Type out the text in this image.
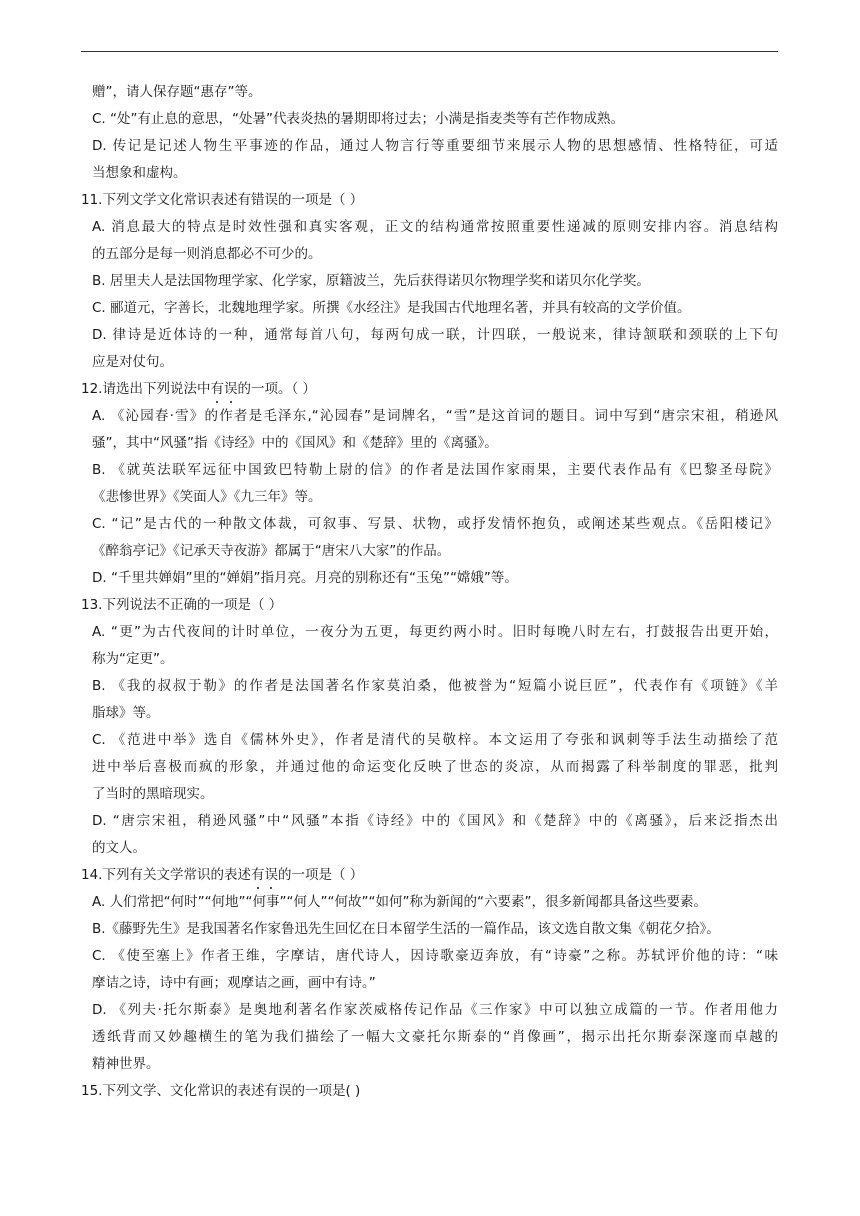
赠”，请人保存题“惠存”等。
C. “处”有止息的意思，“处暑”代表炎热的暑期即将过去；小满是指麦类等有芒作物成熟。
D. 传记是记述人物生平事迹的作品，通过人物言行等重要细节来展示人物的思想感情、性格特征，可适
当想象和虚构。
11.下列文学文化常识表述有错误的一项是（ ）
A. 消息最大的特点是时效性强和真实客观，正文的结构通常按照重要性递减的原则安排内容。消息结构
的五部分是每一则消息都必不可少的。
B. 居里夫人是法国物理学家、化学家，原籍波兰，先后获得诺贝尔物理学奖和诺贝尔化学奖。
C. 郦道元，字善长，北魏地理学家。所撰《水经注》是我国古代地理名著，并具有较高的文学价值。
D. 律诗是近体诗的一种，通常每首八句，每两句成一联，计四联，一般说来，律诗颔联和颈联的上下句
应是对仗句。
12.请选出下列说法中有误的一项。（ ）
A. 《沁园春·雪》的作者是毛泽东,“沁园春”是词牌名，“雪”是这首词的题目。词中写到“唐宗宋祖，稍逊风
骚”，其中“风骚”指《诗经》中的《国风》和《楚辞》里的《离骚》。
B. 《就英法联军远征中国致巴特勒上尉的信》的作者是法国作家雨果，主要代表作品有《巴黎圣母院》
《悲惨世界》《笑面人》《九三年》等。
C. “记”是古代的一种散文体裁，可叙事、写景、状物，或抒发情怀抱负，或阐述某些观点。《岳阳楼记》
《醉翁亭记》《记承天寺夜游》都属于“唐宋八大家”的作品。
D. “千里共婵娟”里的“婵娟”指月亮。月亮的别称还有“玉兔”“嫦娥”等。
13.下列说法不正确的一项是（ ）
A. “更”为古代夜间的计时单位，一夜分为五更，每更约两小时。旧时每晚八时左右，打鼓报告出更开始，
称为“定更”。
B. 《我的叔叔于勒》的作者是法国著名作家莫泊桑，他被誉为“短篇小说巨匠”，代表作有《项链》《羊
脂球》等。
C. 《范进中举》选自《儒林外史》，作者是清代的吴敬梓。本文运用了夸张和讽刺等手法生动描绘了范
进中举后喜极而疯的形象，并通过他的命运变化反映了世态的炎凉，从而揭露了科举制度的罪恶，批判
了当时的黑暗现实。
D. “唐宗宋祖，稍逊风骚”中“风骚”本指《诗经》中的《国风》和《楚辞》中的《离骚》，后来泛指杰出
的文人。
14.下列有关文学常识的表述有误的一项是（ ）
A. 人们常把“何时”“何地”“何事”“何人”“何故”“如何”称为新闻的“六要素”，很多新闻都具备这些要素。
B.《藤野先生》是我国著名作家鲁迅先生回忆在日本留学生活的一篇作品，该文选自散文集《朝花夕拾》。
C. 《使至塞上》作者王维，字摩诘，唐代诗人，因诗歌豪迈奔放，有“诗豪”之称。苏轼评价他的诗：“味
摩诘之诗，诗中有画；观摩诘之画，画中有诗。”
D. 《列夫·托尔斯泰》是奥地利著名作家茨威格传记作品《三作家》中可以独立成篇的一节。作者用他力
透纸背而又妙趣横生的笔为我们描绘了一幅大文豪托尔斯泰的“肖像画”，揭示出托尔斯泰深邃而卓越的
精神世界。
15.下列文学、文化常识的表述有误的一项是( )
